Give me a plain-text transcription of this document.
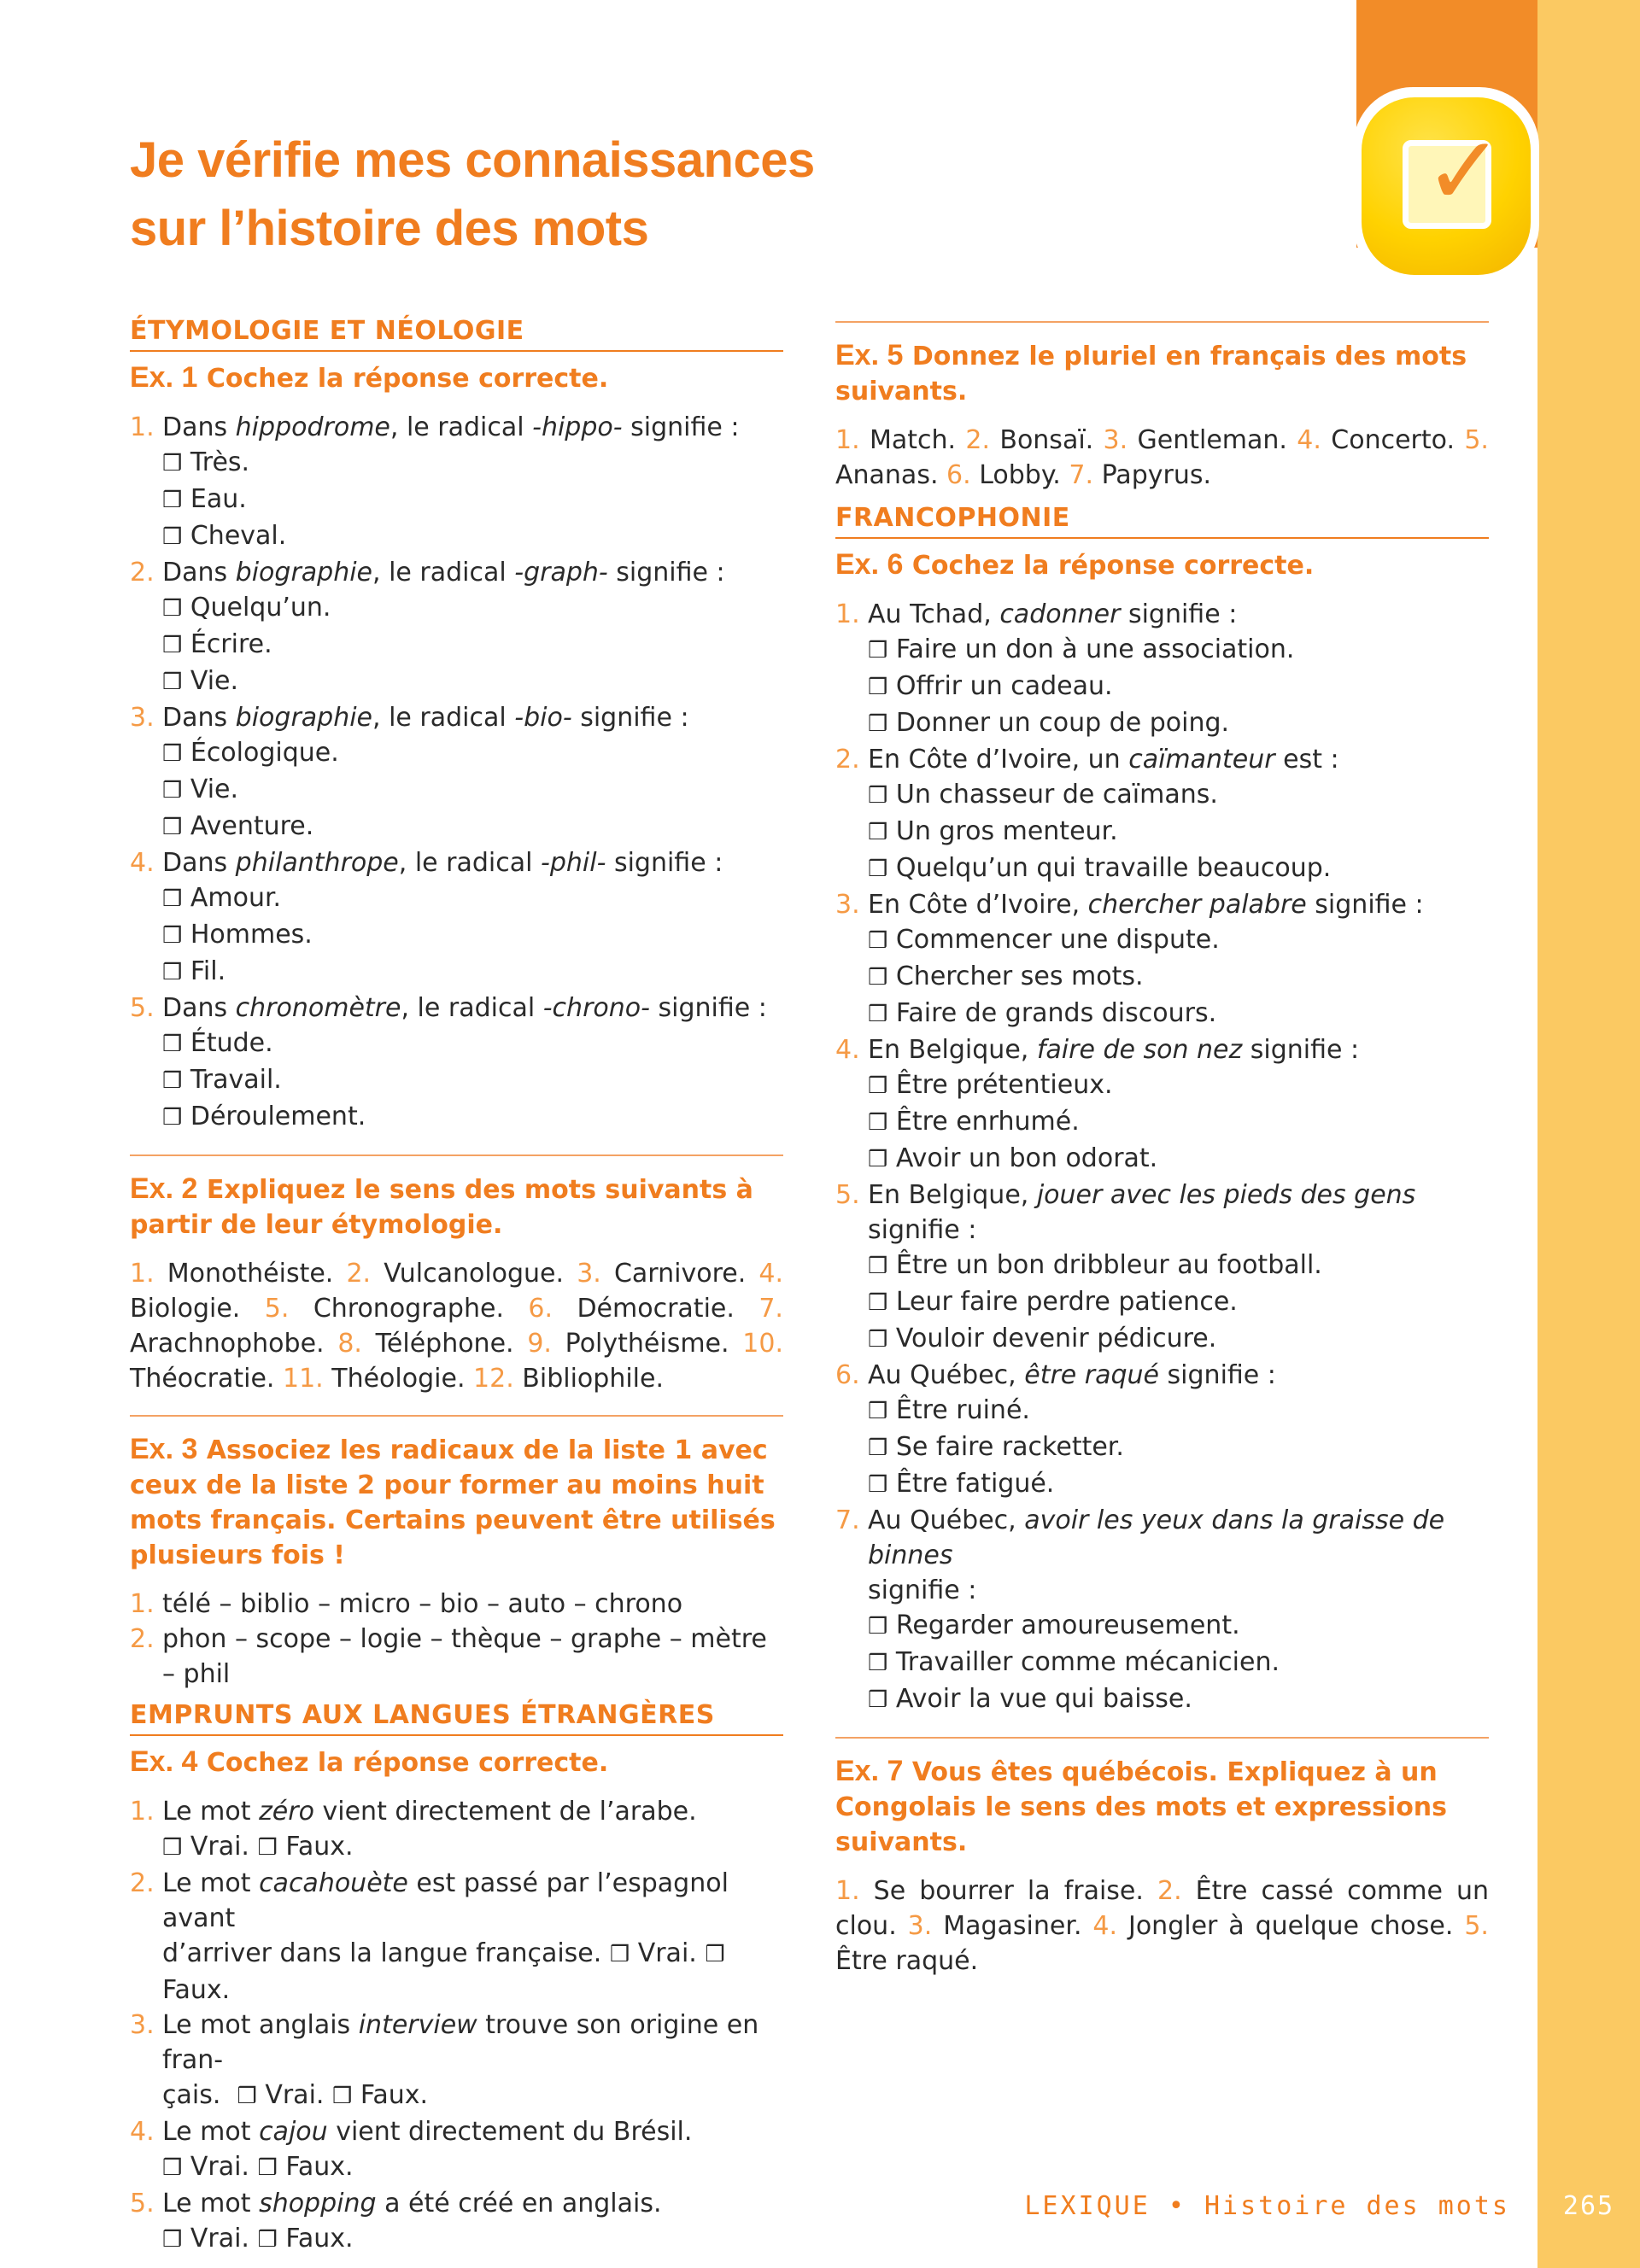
✓
Je vérifie mes connaissances
sur l’histoire des mots
ÉTYMOLOGIE ET NÉOLOGIE
Ex. 1 Cochez la réponse correcte.
1. Dans hippodrome, le radical -hippo- signifie :
❒ Très.
❒ Eau.
❒ Cheval.
2. Dans biographie, le radical -graph- signifie :
❒ Quelqu’un.
❒ Écrire.
❒ Vie.
3. Dans biographie, le radical -bio- signifie :
❒ Écologique.
❒ Vie.
❒ Aventure.
4. Dans philanthrope, le radical -phil- signifie :
❒ Amour.
❒ Hommes.
❒ Fil.
5. Dans chronomètre, le radical -chrono- signifie :
❒ Étude.
❒ Travail.
❒ Déroulement.
Ex. 2 Expliquez le sens des mots suivants à partir de leur étymologie.
1. Monothéiste. 2. Vulcanologue. 3. Carnivore. 4. Biologie. 5. Chronographe. 6. Démocratie. 7. Arachnophobe. 8. Téléphone. 9. Polythéisme. 10. Théocratie. 11. Théologie. 12. Bibliophile.
Ex. 3 Associez les radicaux de la liste 1 avec ceux de la liste 2 pour former au moins huit mots français. Certains peuvent être utilisés plusieurs fois !
1. télé – biblio – micro – bio – auto – chrono
2. phon – scope – logie – thèque – graphe – mètre – phil
EMPRUNTS AUX LANGUES ÉTRANGÈRES
Ex. 4 Cochez la réponse correcte.
1. Le mot zéro vient directement de l’arabe.
❒ Vrai. ❒ Faux.
2. Le mot cacahouète est passé par l’espagnol avant
d’arriver dans la langue française. ❒ Vrai. ❒ Faux.
3. Le mot anglais interview trouve son origine en fran-
çais. ❒ Vrai. ❒ Faux.
4. Le mot cajou vient directement du Brésil.
❒ Vrai. ❒ Faux.
5. Le mot shopping a été créé en anglais.
❒ Vrai. ❒ Faux.
Ex. 5 Donnez le pluriel en français des mots suivants.
1. Match. 2. Bonsaï. 3. Gentleman. 4. Concerto. 5. Ananas. 6. Lobby. 7. Papyrus.
FRANCOPHONIE
Ex. 6 Cochez la réponse correcte.
1. Au Tchad, cadonner signifie :
❒ Faire un don à une association.
❒ Offrir un cadeau.
❒ Donner un coup de poing.
2. En Côte d’Ivoire, un caïmanteur est :
❒ Un chasseur de caïmans.
❒ Un gros menteur.
❒ Quelqu’un qui travaille beaucoup.
3. En Côte d’Ivoire, chercher palabre signifie :
❒ Commencer une dispute.
❒ Chercher ses mots.
❒ Faire de grands discours.
4. En Belgique, faire de son nez signifie :
❒ Être prétentieux.
❒ Être enrhumé.
❒ Avoir un bon odorat.
5. En Belgique, jouer avec les pieds des gens signifie :
❒ Être un bon dribbleur au football.
❒ Leur faire perdre patience.
❒ Vouloir devenir pédicure.
6. Au Québec, être raqué signifie :
❒ Être ruiné.
❒ Se faire racketter.
❒ Être fatigué.
7. Au Québec, avoir les yeux dans la graisse de binnes
signifie :
❒ Regarder amoureusement.
❒ Travailler comme mécanicien.
❒ Avoir la vue qui baisse.
Ex. 7 Vous êtes québécois. Expliquez à un Congolais le sens des mots et expressions suivants.
1. Se bourrer la fraise. 2. Être cassé comme un clou. 3. Magasiner. 4. Jongler à quelque chose. 5. Être raqué.
LEXIQUE • Histoire des mots	265
